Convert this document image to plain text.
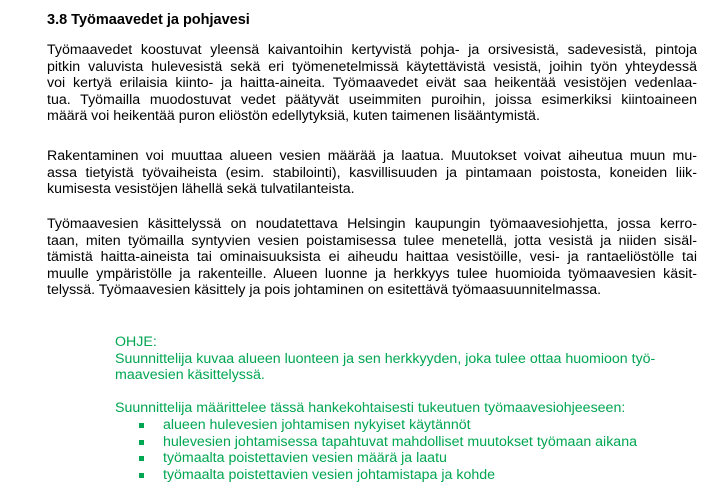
3.8 Työmaavedet ja pohjavesi
Työmaavedet koostuvat yleensä kaivantoihin kertyvistä pohja- ja orsivesistä, sadevesistä, pintoja
pitkin valuvista hulevesistä sekä eri työmenetelmissä käytettävistä vesistä, joihin työn yhteydessä
voi kertyä erilaisia kiinto- ja haitta-aineita. Työmaavedet eivät saa heikentää vesistöjen vedenlaa-
tua. Työmailla muodostuvat vedet päätyvät useimmiten puroihin, joissa esimerkiksi kiintoaineen
määrä voi heikentää puron eliöstön edellytyksiä, kuten taimenen lisääntymistä.
Rakentaminen voi muuttaa alueen vesien määrää ja laatua. Muutokset voivat aiheutua muun mu-
assa tietyistä työvaiheista (esim. stabilointi), kasvillisuuden ja pintamaan poistosta, koneiden liik-
kumisesta vesistöjen lähellä sekä tulvatilanteista.
Työmaavesien käsittelyssä on noudatettava Helsingin kaupungin työmaavesiohjetta, jossa kerro-
taan, miten työmailla syntyvien vesien poistamisessa tulee menetellä, jotta vesistä ja niiden sisäl-
tämistä haitta-aineista tai ominaisuuksista ei aiheudu haittaa vesistöille, vesi- ja rantaeliöstölle tai
muulle ympäristölle ja rakenteille. Alueen luonne ja herkkyys tulee huomioida työmaavesien käsit-
telyssä. Työmaavesien käsittely ja pois johtaminen on esitettävä työmaasuunnitelmassa.
OHJE:
Suunnittelija kuvaa alueen luonteen ja sen herkkyyden, joka tulee ottaa huomioon työ-
maavesien käsittelyssä.
Suunnittelija määrittelee tässä hankekohtaisesti tukeutuen työmaavesiohjeeseen:
alueen hulevesien johtamisen nykyiset käytännöt
hulevesien johtamisessa tapahtuvat mahdolliset muutokset työmaan aikana
työmaalta poistettavien vesien määrä ja laatu
työmaalta poistettavien vesien johtamistapa ja kohde
